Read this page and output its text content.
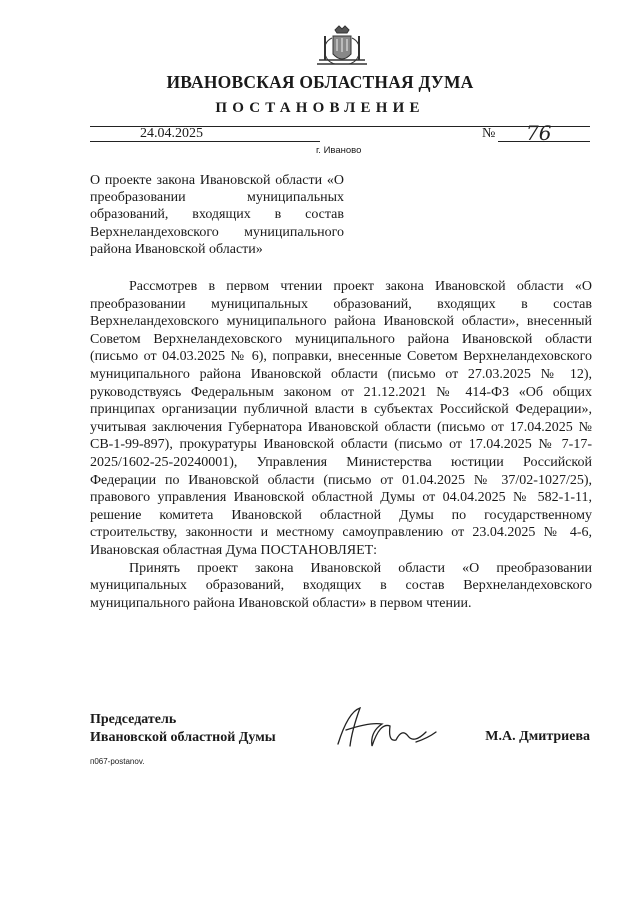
ИВАНОВСКАЯ ОБЛАСТНАЯ ДУМА
ПОСТАНОВЛЕНИЕ
24.04.2025	№ 76
г. Иваново
О проекте закона Ивановской области «О преобразовании муниципальных образований, входящих в состав Верхнеландеховского муниципального района Ивановской области»

Рассмотрев в первом чтении проект закона Ивановской области «О преобразовании муниципальных образований, входящих в состав Верхнеландеховского муниципального района Ивановской области», внесенный Советом Верхнеландеховского муниципального района Ивановской области (письмо от 04.03.2025 № 6), поправки, внесенные Советом Верхнеландеховского муниципального района Ивановской области (письмо от 27.03.2025 № 12), руководствуясь Федеральным законом от 21.12.2021 № 414-ФЗ «Об общих принципах организации публичной власти в субъектах Российской Федерации», учитывая заключения Губернатора Ивановской области (письмо от 17.04.2025 № СВ-1-99-897), прокуратуры Ивановской области (письмо от 17.04.2025 № 7-17-2025/1602-25-20240001), Управления Министерства юстиции Российской Федерации по Ивановской области (письмо от 01.04.2025 № 37/02-1027/25), правового управления Ивановской областной Думы от 04.04.2025 № 582-1-11, решение комитета Ивановской областной Думы по государственному строительству, законности и местному самоуправлению от 23.04.2025 № 4-6, Ивановская областная Дума ПОСТАНОВЛЯЕТ:

Принять проект закона Ивановской области «О преобразовании муниципальных образований, входящих в состав Верхнеландеховского муниципального района Ивановской области» в первом чтении.

Председатель
Ивановской областной Думы	М.А. Дмитриева
п067-postanov.
